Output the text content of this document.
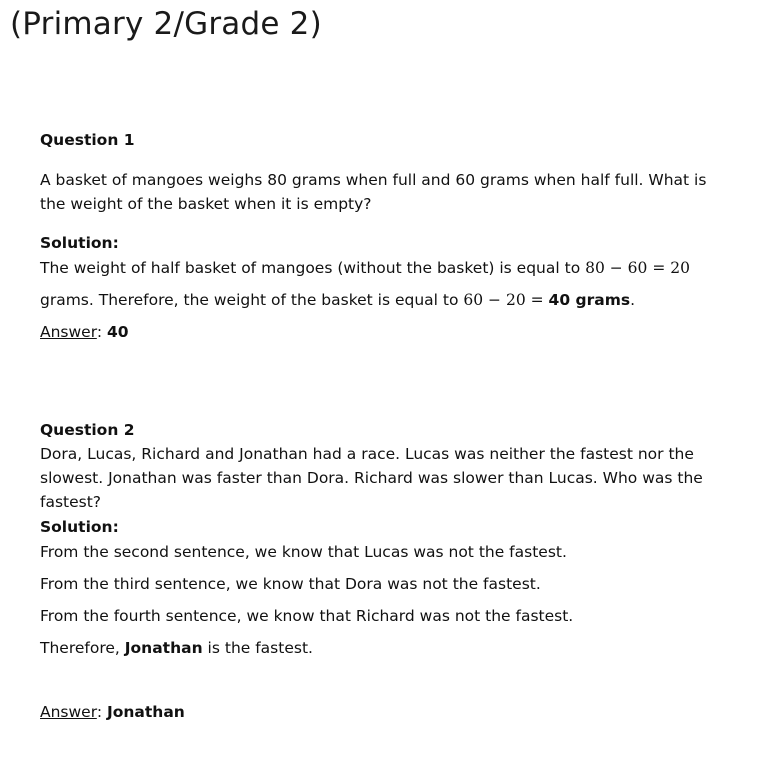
(Primary 2/Grade 2)
Question 1
A basket of mangoes weighs 80 grams when full and 60 grams when half full. What is the weight of the basket when it is empty?
Solution:
The weight of half basket of mangoes (without the basket) is equal to 80 − 60 = 20
grams. Therefore, the weight of the basket is equal to 60 − 20 = 40 grams.
Answer: 40
Question 2
Dora, Lucas, Richard and Jonathan had a race. Lucas was neither the fastest nor the slowest. Jonathan was faster than Dora. Richard was slower than Lucas. Who was the fastest?
Solution:
From the second sentence, we know that Lucas was not the fastest.
From the third sentence, we know that Dora was not the fastest.
From the fourth sentence, we know that Richard was not the fastest.
Therefore, Jonathan is the fastest.
Answer: Jonathan
